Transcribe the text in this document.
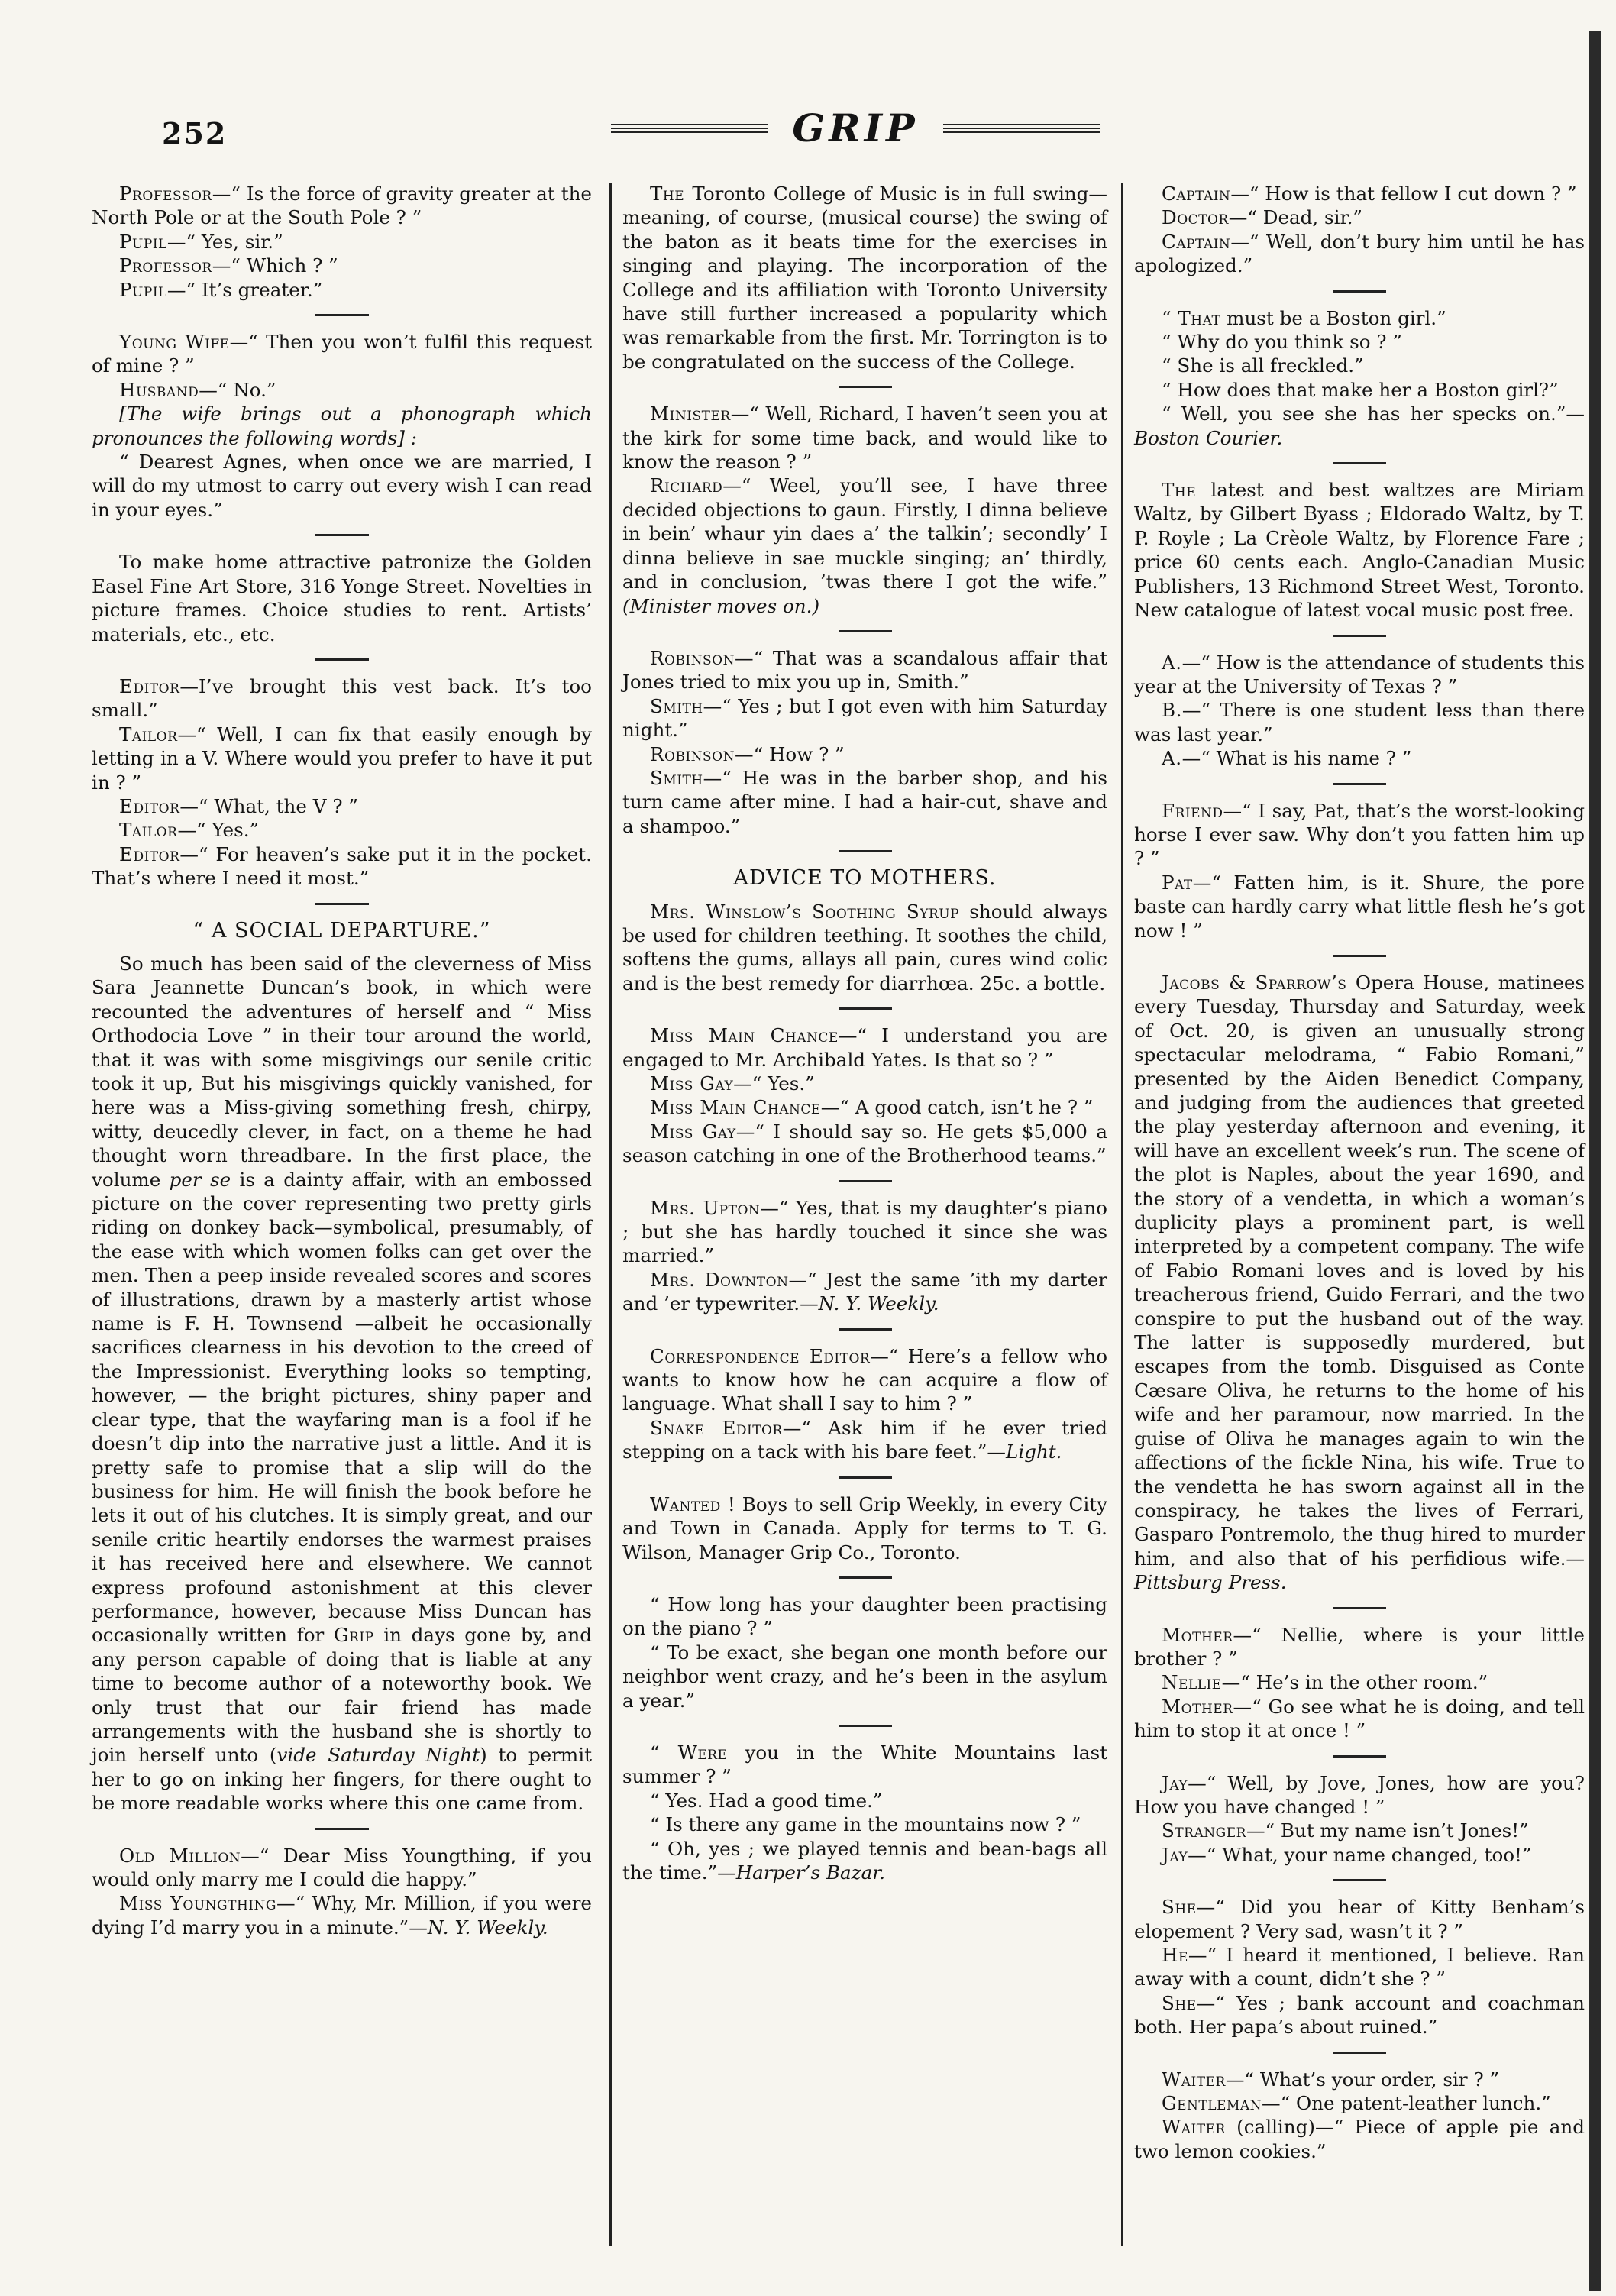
252	GRIP

Professor—“ Is the force of gravity greater at the North Pole or at the South Pole ? ”

Pupil—“ Yes, sir.”

Professor—“ Which ? ”

Pupil—“ It’s greater.”

Young Wife—“ Then you won’t fulfil this request of mine ? ”

Husband—“ No.”

[The wife brings out a phonograph which pronounces the following words] :

“ Dearest Agnes, when once we are married, I will do my utmost to carry out every wish I can read in your eyes.”

To make home attractive patronize the Golden Easel Fine Art Store, 316 Yonge Street. Novelties in picture frames. Choice studies to rent. Artists’ materials, etc., etc.

Editor—I’ve brought this vest back. It’s too small.”

Tailor—“ Well, I can fix that easily enough by letting in a V. Where would you prefer to have it put in ? ”

Editor—“ What, the V ? ”

Tailor—“ Yes.”

Editor—“ For heaven’s sake put it in the pocket. That’s where I need it most.”

“ A SOCIAL DEPARTURE.”

So much has been said of the cleverness of Miss Sara Jeannette Duncan’s book, in which were recounted the adventures of herself and “ Miss Orthodocia Love ” in their tour around the world, that it was with some misgivings our senile critic took it up, But his misgivings quickly vanished, for here was a Miss-giving something fresh, chirpy, witty, deucedly clever, in fact, on a theme he had thought worn threadbare. In the first place, the volume per se is a dainty affair, with an embossed picture on the cover representing two pretty girls riding on donkey back—symbolical, presumably, of the ease with which women folks can get over the men. Then a peep inside revealed scores and scores of illustrations, drawn by a masterly artist whose name is F. H. Townsend —albeit he occasionally sacrifices clearness in his devotion to the creed of the Impressionist. Everything looks so tempting, however, — the bright pictures, shiny paper and clear type, that the wayfaring man is a fool if he doesn’t dip into the narrative just a little. And it is pretty safe to promise that a slip will do the business for him. He will finish the book before he lets it out of his clutches. It is simply great, and our senile critic heartily endorses the warmest praises it has received here and elsewhere. We cannot express profound astonishment at this clever performance, however, because Miss Duncan has occasionally written for Grip in days gone by, and any person capable of doing that is liable at any time to become author of a noteworthy book. We only trust that our fair friend has made arrangements with the husband she is shortly to join herself unto (vide Saturday Night) to permit her to go on inking her fingers, for there ought to be more readable works where this one came from.

Old Million—“ Dear Miss Youngthing, if you would only marry me I could die happy.”

Miss Youngthing—“ Why, Mr. Million, if you were dying I’d marry you in a minute.”—N. Y. Weekly.

The Toronto College of Music is in full swing—meaning, of course, (musical course) the swing of the baton as it beats time for the exercises in singing and playing. The incorporation of the College and its affiliation with Toronto University have still further increased a popularity which was remarkable from the first. Mr. Torrington is to be congratulated on the success of the College.

Minister—“ Well, Richard, I haven’t seen you at the kirk for some time back, and would like to know the reason ? ”

Richard—“ Weel, you’ll see, I have three decided objections to gaun. Firstly, I dinna believe in bein’ whaur yin daes a’ the talkin’; secondly’ I dinna believe in sae muckle singing; an’ thirdly, and in conclusion, ’twas there I got the wife.” (Minister moves on.)

Robinson—“ That was a scandalous affair that Jones tried to mix you up in, Smith.”

Smith—“ Yes ; but I got even with him Saturday night.”

Robinson—“ How ? ”

Smith—“ He was in the barber shop, and his turn came after mine. I had a hair-cut, shave and a shampoo.”

ADVICE TO MOTHERS.

Mrs. Winslow’s Soothing Syrup should always be used for children teething. It soothes the child, softens the gums, allays all pain, cures wind colic and is the best remedy for diarrhœa. 25c. a bottle.

Miss Main Chance—“ I understand you are engaged to Mr. Archibald Yates. Is that so ? ”

Miss Gay—“ Yes.”

Miss Main Chance—“ A good catch, isn’t he ? ”

Miss Gay—“ I should say so. He gets $5,000 a season catching in one of the Brotherhood teams.”

Mrs. Upton—“ Yes, that is my daughter’s piano ; but she has hardly touched it since she was married.”

Mrs. Downton—“ Jest the same ’ith my darter and ’er typewriter.—N. Y. Weekly.

Correspondence Editor—“ Here’s a fellow who wants to know how he can acquire a flow of language. What shall I say to him ? ”

Snake Editor—“ Ask him if he ever tried stepping on a tack with his bare feet.”—Light.

Wanted ! Boys to sell Grip Weekly, in every City and Town in Canada. Apply for terms to T. G. Wilson, Manager Grip Co., Toronto.

“ How long has your daughter been practising on the piano ? ”

“ To be exact, she began one month before our neighbor went crazy, and he’s been in the asylum a year.”

“ Were you in the White Mountains last summer ? ”

“ Yes. Had a good time.”

“ Is there any game in the mountains now ? ”

“ Oh, yes ; we played tennis and bean-bags all the time.”—Harper’s Bazar.

Captain—“ How is that fellow I cut down ? ”

Doctor—“ Dead, sir.”

Captain—“ Well, don’t bury him until he has apologized.”

“ That must be a Boston girl.”

“ Why do you think so ? ”

“ She is all freckled.”

“ How does that make her a Boston girl?”

“ Well, you see she has her specks on.”—Boston Courier.

The latest and best waltzes are Miriam Waltz, by Gilbert Byass ; Eldorado Waltz, by T. P. Royle ; La Crèole Waltz, by Florence Fare ; price 60 cents each. Anglo-Canadian Music Publishers, 13 Richmond Street West, Toronto. New catalogue of latest vocal music post free.

A.—“ How is the attendance of students this year at the University of Texas ? ”

B.—“ There is one student less than there was last year.”

A.—“ What is his name ? ”

Friend—“ I say, Pat, that’s the worst-looking horse I ever saw. Why don’t you fatten him up ? ”

Pat—“ Fatten him, is it. Shure, the pore baste can hardly carry what little flesh he’s got now ! ”

Jacobs & Sparrow’s Opera House, matinees every Tuesday, Thursday and Saturday, week of Oct. 20, is given an unusually strong spectacular melodrama, “ Fabio Romani,” presented by the Aiden Benedict Company, and judging from the audiences that greeted the play yesterday afternoon and evening, it will have an excellent week’s run. The scene of the plot is Naples, about the year 1690, and the story of a vendetta, in which a woman’s duplicity plays a prominent part, is well interpreted by a competent company. The wife of Fabio Romani loves and is loved by his treacherous friend, Guido Ferrari, and the two conspire to put the husband out of the way. The latter is supposedly murdered, but escapes from the tomb. Disguised as Conte Cæsare Oliva, he returns to the home of his wife and her paramour, now married. In the guise of Oliva he manages again to win the affections of the fickle Nina, his wife. True to the vendetta he has sworn against all in the conspiracy, he takes the lives of Ferrari, Gasparo Pontremolo, the thug hired to murder him, and also that of his perfidious wife.—Pittsburg Press.

Mother—“ Nellie, where is your little brother ? ”

Nellie—“ He’s in the other room.”

Mother—“ Go see what he is doing, and tell him to stop it at once ! ”

Jay—“ Well, by Jove, Jones, how are you? How you have changed ! ”

Stranger—“ But my name isn’t Jones!”

Jay—“ What, your name changed, too!”

She—“ Did you hear of Kitty Benham’s elopement ? Very sad, wasn’t it ? ”

He—“ I heard it mentioned, I believe. Ran away with a count, didn’t she ? ”

She—“ Yes ; bank account and coachman both. Her papa’s about ruined.”

Waiter—“ What’s your order, sir ? ”

Gentleman—“ One patent-leather lunch.”

Waiter (calling)—“ Piece of apple pie and two lemon cookies.”
